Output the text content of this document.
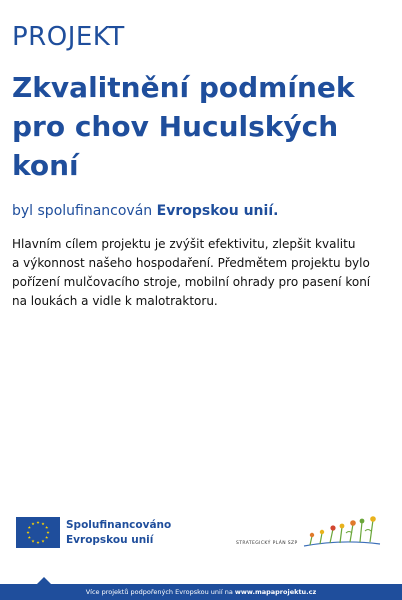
PROJEKT
Zkvalitnění podmínek pro chov Huculských koní
byl spolufinancován Evropskou unií.
Hlavním cílem projektu je zvýšit efektivitu, zlepšit kvalitu
a výkonnost našeho hospodaření. Předmětem projektu bylo
pořízení mulčovacího stroje, mobilní ohrady pro pasení koní
na loukách a vidle k malotraktoru.
Spolufinancováno
Evropskou unií	STRATEGICKÝ PLÁN SZP
Více projektů podpořených Evropskou unií na www.mapaprojektu.cz
